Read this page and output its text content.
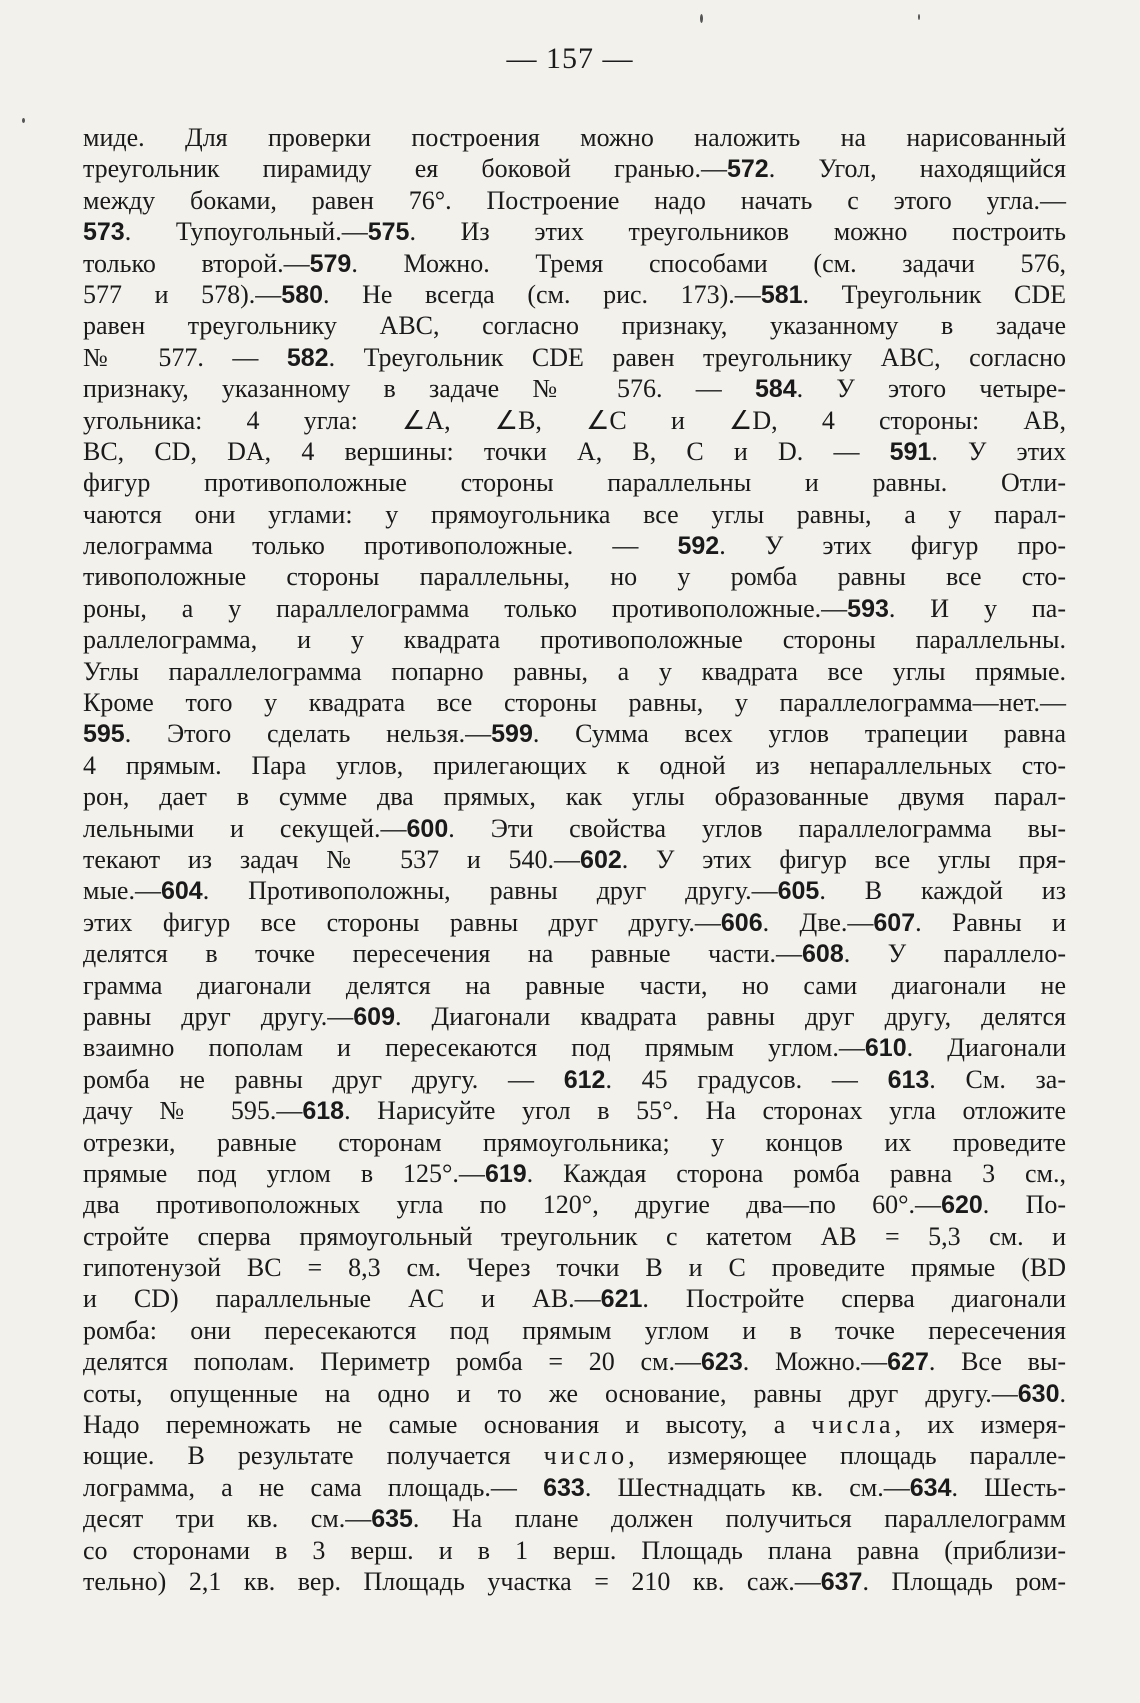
— 157 —
миде. Для проверки построения можно наложить на нарисованный
треугольник пирамиду ея боковой гранью.—572. Угол, находящийся
между боками, равен 76°. Построение надо начать с этого угла.—
573. Тупоугольный.—575. Из этих треугольников можно построить
только второй.—579. Можно. Тремя способами (см. задачи 576,
577 и 578).—580. Не всегда (см. рис. 173).—581. Треугольник CDE
равен треугольнику ABC, согласно признаку, указанному в задаче
№ 577. — 582. Треугольник CDE равен треугольнику ABC, согласно
признаку, указанному в задаче № 576. — 584. У этого четыре-
угольника: 4 угла: ∠A, ∠B, ∠C и ∠D, 4 стороны: AB,
BC, CD, DA, 4 вершины: точки A, B, C и D. — 591. У этих
фигур противоположные стороны параллельны и равны. Отли-
чаются они углами: у прямоугольника все углы равны, а у парал-
лелограмма только противоположные. — 592. У этих фигур про-
тивоположные стороны параллельны, но у ромба равны все сто-
роны, а у параллелограмма только противоположные.—593. И у па-
раллелограмма, и у квадрата противоположные стороны параллельны.
Углы параллелограмма попарно равны, а у квадрата все углы прямые.
Кроме того у квадрата все стороны равны, у параллелограмма—нет.—
595. Этого сделать нельзя.—599. Сумма всех углов трапеции равна
4 прямым. Пара углов, прилегающих к одной из непараллельных сто-
рон, дает в сумме два прямых, как углы образованные двумя парал-
лельными и секущей.—600. Эти свойства углов параллелограмма вы-
текают из задач № 537 и 540.—602. У этих фигур все углы пря-
мые.—604. Противоположны, равны друг другу.—605. В каждой из
этих фигур все стороны равны друг другу.—606. Две.—607. Равны и
делятся в точке пересечения на равные части.—608. У параллело-
грамма диагонали делятся на равные части, но сами диагонали не
равны друг другу.—609. Диагонали квадрата равны друг другу, делятся
взаимно пополам и пересекаются под прямым углом.—610. Диагонали
ромба не равны друг другу. — 612. 45 градусов. — 613. См. за-
дачу № 595.—618. Нарисуйте угол в 55°. На сторонах угла отложите
отрезки, равные сторонам прямоугольника; у концов их проведите
прямые под углом в 125°.—619. Каждая сторона ромба равна 3 см.,
два противоположных угла по 120°, другие два—по 60°.—620. По-
стройте сперва прямоугольный треугольник с катетом AB = 5,3 см. и
гипотенузой BC = 8,3 см. Через точки B и C проведите прямые (BD
и CD) параллельные AC и AB.—621. Постройте сперва диагонали
ромба: они пересекаются под прямым углом и в точке пересечения
делятся пополам. Периметр ромба = 20 см.—623. Можно.—627. Все вы-
соты, опущенные на одно и то же основание, равны друг другу.—630.
Надо перемножать не самые основания и высоту, а числа, их измеря-
ющие. В результате получается число, измеряющее площадь паралле-
лограмма, а не сама площадь.— 633. Шестнадцать кв. см.—634. Шесть-
десят три кв. см.—635. На плане должен получиться параллелограмм
со сторонами в 3 верш. и в 1 верш. Площадь плана равна (приблизи-
тельно) 2,1 кв. вер. Площадь участка = 210 кв. саж.—637. Площадь ром-
